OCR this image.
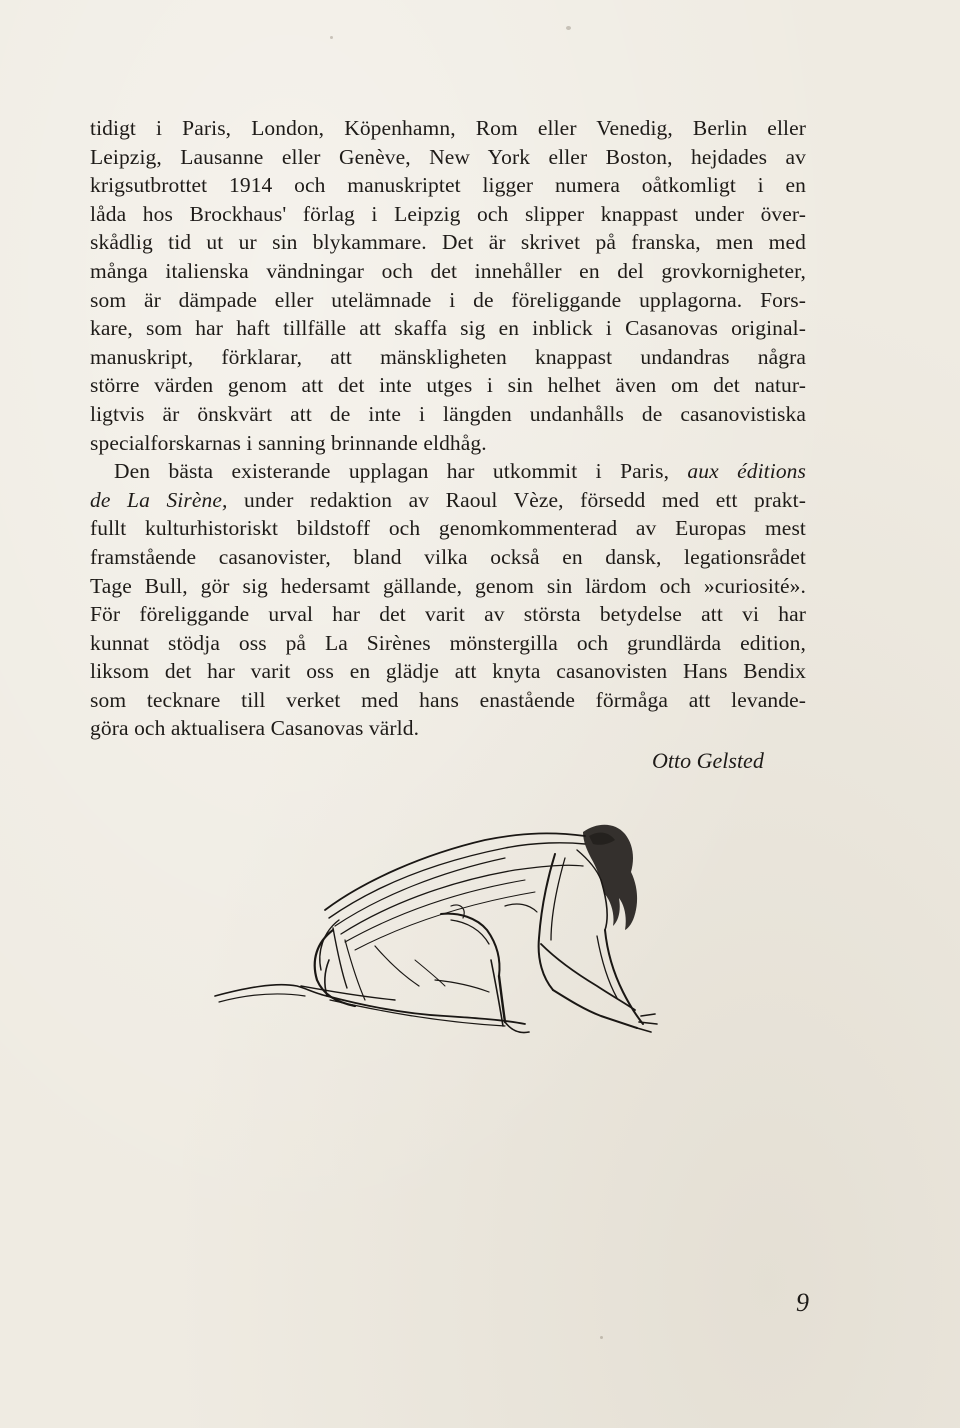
tidigt i Paris, London, Köpenhamn, Rom eller Venedig, Berlin eller
Leipzig, Lausanne eller Genève, New York eller Boston, hejdades av
krigsutbrottet 1914 och manuskriptet ligger numera oåtkomligt i en
låda hos Brockhaus' förlag i Leipzig och slipper knappast under över-
skådlig tid ut ur sin blykammare. Det är skrivet på franska, men med
många italienska vändningar och det innehåller en del grovkornigheter,
som är dämpade eller utelämnade i de föreliggande upplagorna. Fors-
kare, som har haft tillfälle att skaffa sig en inblick i Casanovas original-
manuskript, förklarar, att mänskligheten knappast undandras några
större värden genom att det inte utges i sin helhet även om det natur-
ligtvis är önskvärt att de inte i längden undanhålls de casanovistiska
specialforskarnas i sanning brinnande eldhåg.
Den bästa existerande upplagan har utkommit i Paris, aux éditions
de La Sirène, under redaktion av Raoul Vèze, försedd med ett prakt-
fullt kulturhistoriskt bildstoff och genomkommenterad av Europas mest
framstående casanovister, bland vilka också en dansk, legationsrådet
Tage Bull, gör sig hedersamt gällande, genom sin lärdom och »curiosité».
För föreliggande urval har det varit av största betydelse att vi har
kunnat stödja oss på La Sirènes mönstergilla och grundlärda edition,
liksom det har varit oss en glädje att knyta casanovisten Hans Bendix
som tecknare till verket med hans enastående förmåga att levande-
göra och aktualisera Casanovas värld.
Otto Gelsted
9
